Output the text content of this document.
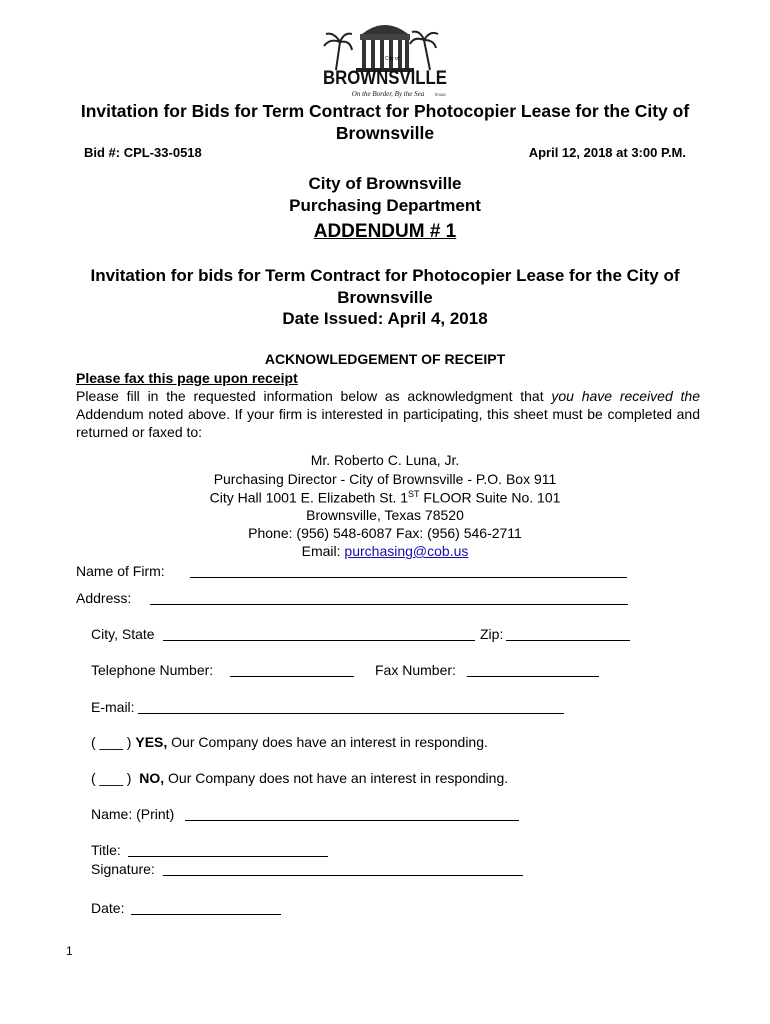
City of
BROWNSVILLE
On the Border, By the Sea	TEXAS
Invitation for Bids for Term Contract for Photocopier Lease for the City of Brownsville
Bid #: CPL-33-0518	April 12, 2018 at 3:00 P.M.
City of Brownsville
Purchasing Department
ADDENDUM # 1
Invitation for bids for Term Contract for Photocopier Lease for the City of Brownsville
Date Issued: April 4, 2018
ACKNOWLEDGEMENT OF RECEIPT
Please fax this page upon receipt
Please fill in the requested information below as acknowledgment that you have received the Addendum noted above. If your firm is interested in participating, this sheet must be completed and returned or faxed to:
Mr. Roberto C. Luna, Jr.
Purchasing Director - City of Brownsville - P.O. Box 911
City Hall 1001 E. Elizabeth St. 1ST FLOOR Suite No. 101
Brownsville, Texas 78520
Phone: (956) 548-6087 Fax: (956) 546-2711
Email: purchasing@cob.us
Name of Firm:
Address:
City, State	Zip:
Telephone Number:	Fax Number:
E-mail:
( ___ ) YES, Our Company does have an interest in responding.
( ___ ) NO, Our Company does not have an interest in responding.
Name: (Print)
Title:
Signature:
Date:
1
